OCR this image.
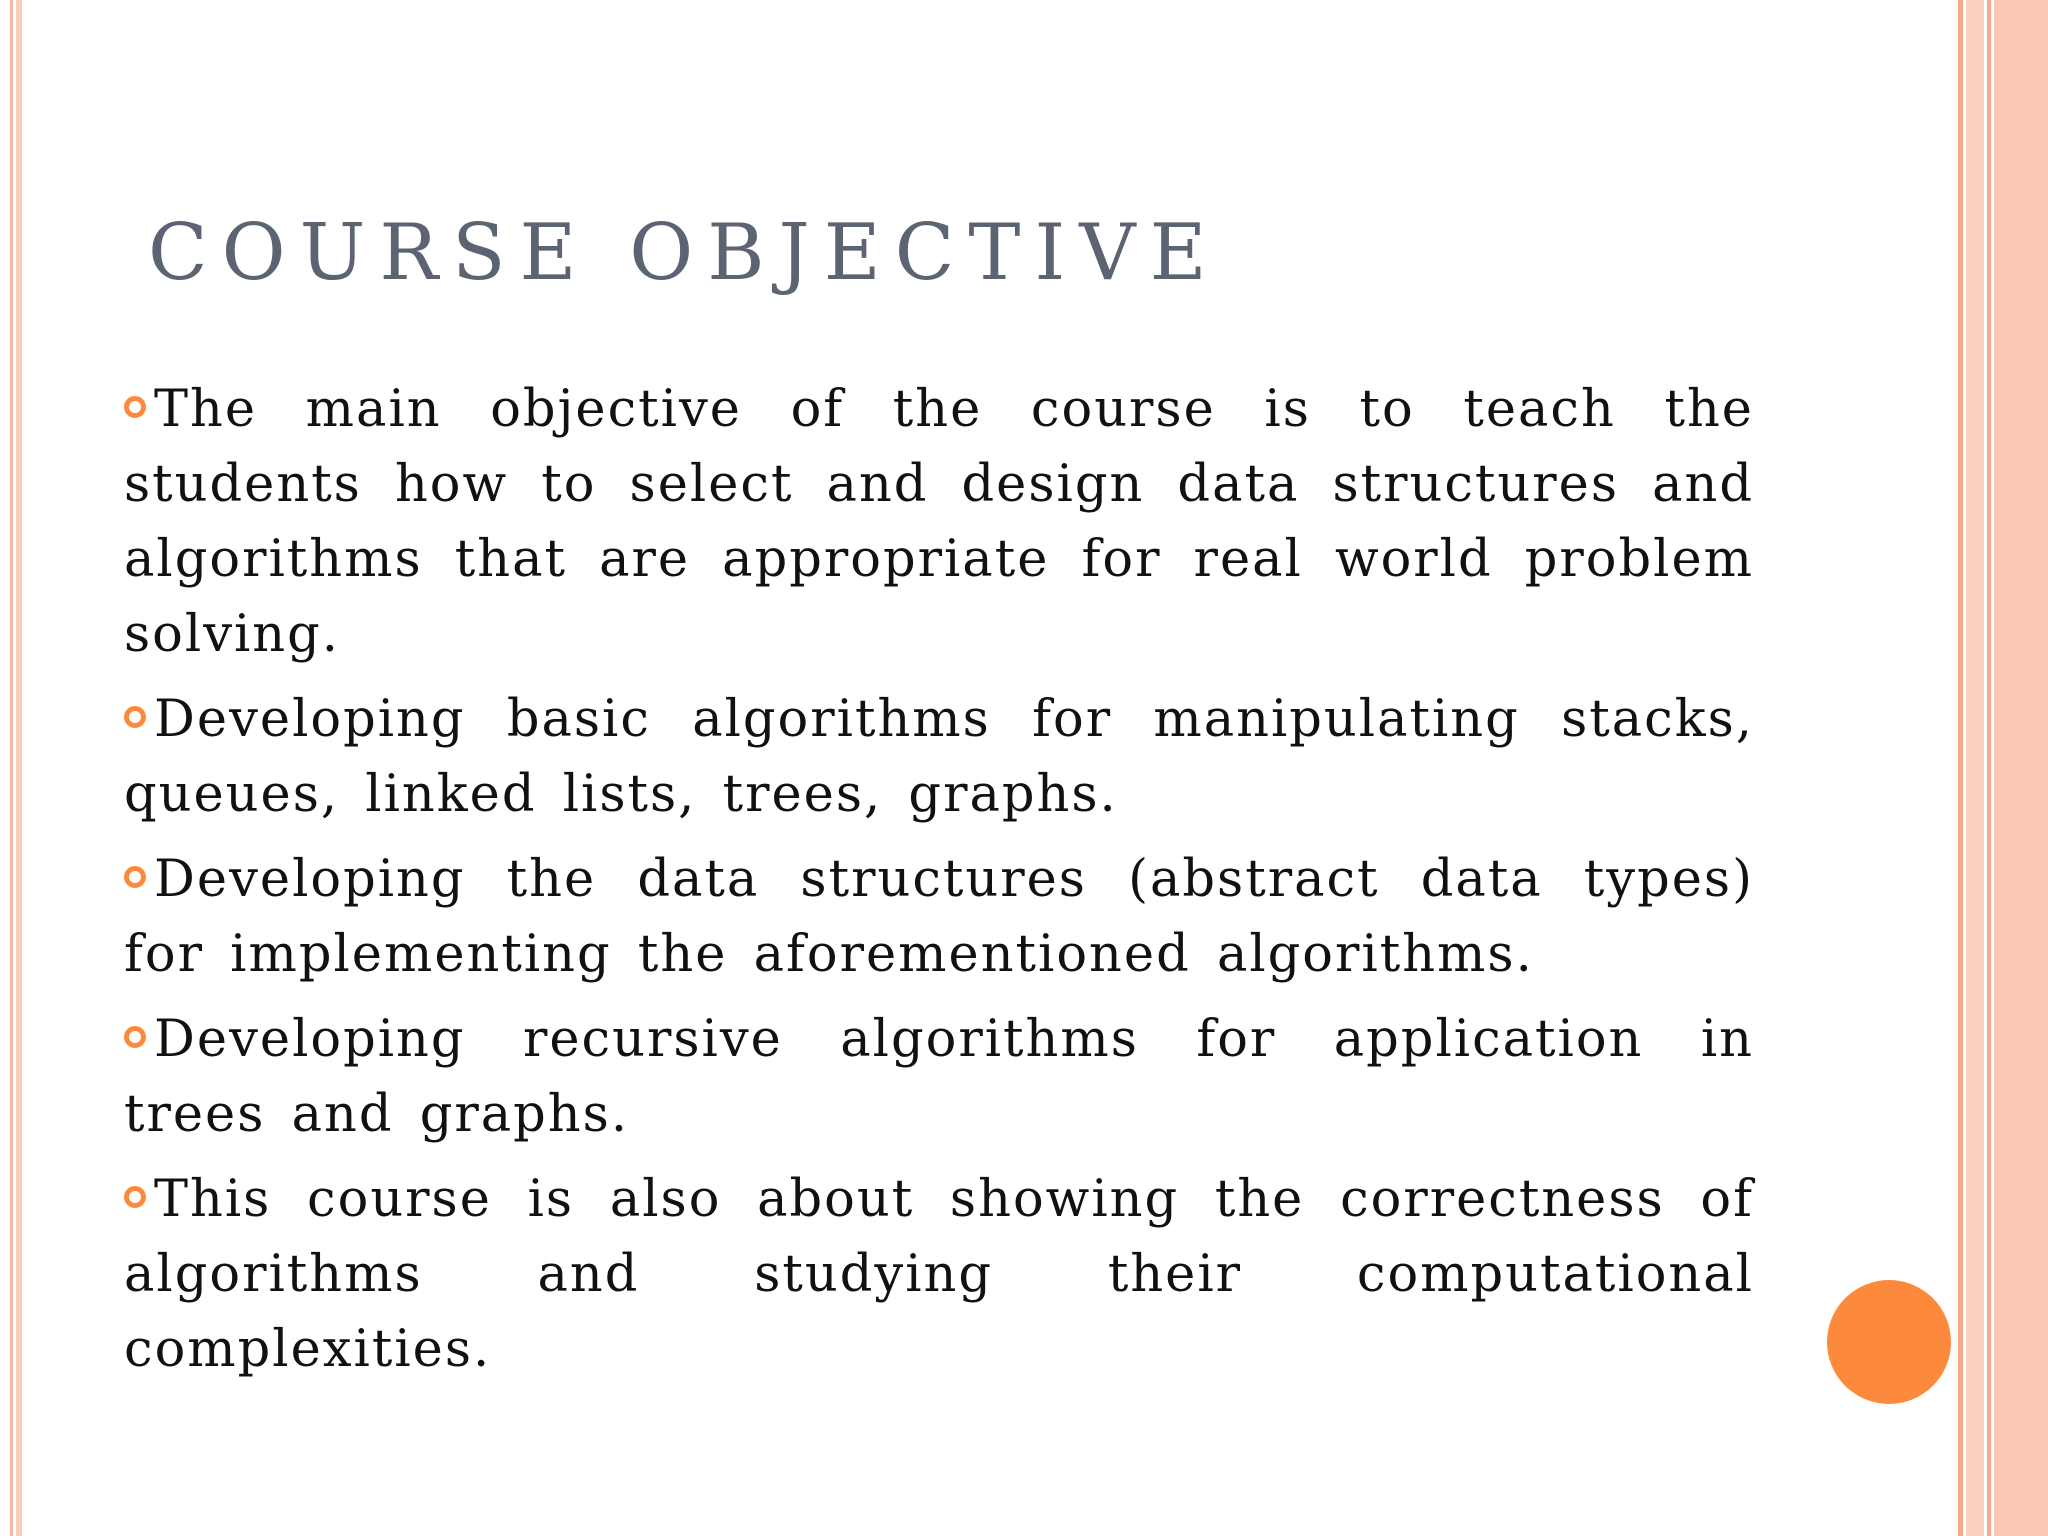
COURSE OBJECTIVE

The main objective of the course is to teach the students how to select and design data structures and algorithms that are appropriate for real world problem solving.

Developing basic algorithms for manipulating stacks, queues, linked lists, trees, graphs.

Developing the data structures (abstract data types) for implementing the aforementioned algorithms.

Developing recursive algorithms for application in trees and graphs.

This course is also about showing the correctness of algorithms and studying their computational complexities.
